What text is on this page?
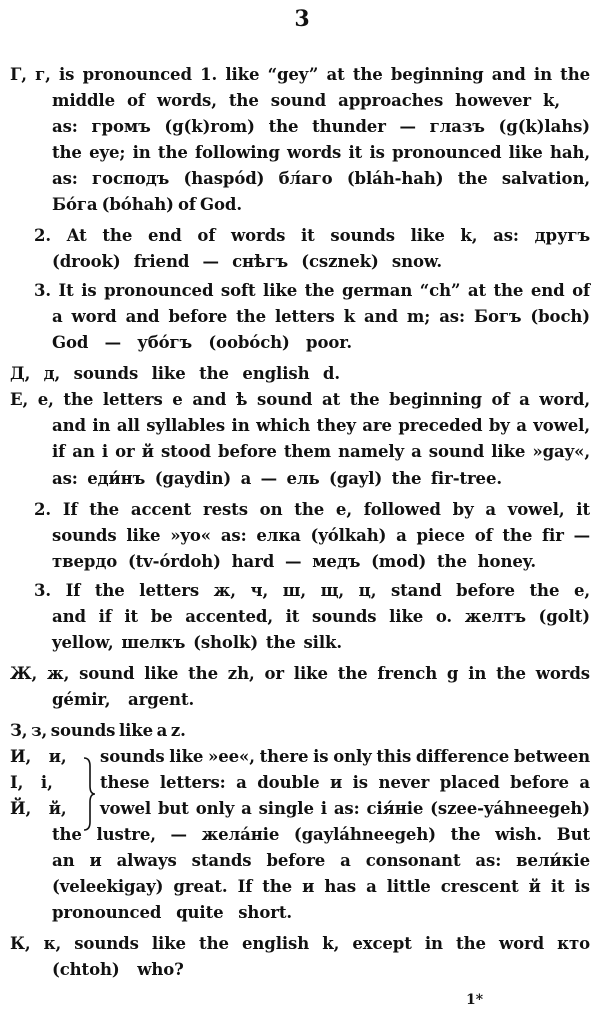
3
Г, г, is pronounced 1. like “gey” at the beginning and in the
middle of words, the sound approaches however k,
as: громъ (g(k)rom) the thunder — глазъ (g(k)lahs)
the eye; in the following words it is pronounced like hah,
as: господъ (haspód) бл́аго (bláh-hah) the salvation,
Бо́га (bóhah) of God.
2. At the end of words it sounds like k, as: другъ
(drook) friend — снѣгъ (csznek) snow.
3. It is pronounced soft like the german “ch” at the end of
a word and before the letters k and m; as: Богъ (boch)
God — убо́гъ (oobóch) poor.
Д, д, sounds like the english d.
Е, е, the letters e and ѣ sound at the beginning of a word,
and in all syllables in which they are preceded by a vowel,
if an i or й stood before them namely a sound like »gay«,
as: еди́нъ (gaydin) a — ель (gayl) the fir-tree.
2. If the accent rests on the e, followed by a vowel, it
sounds like »yo« as: елка (yólkah) a piece of the fir —
твердо (tv-órdoh) hard — медъ (mod) the honey.
3. If the letters ж, ч, ш, щ, ц, stand before the e,
and if it be accented, it sounds like o. желтъ (golt)
yellow, шелкъ (sholk) the silk.
Ж, ж, sound like the zh, or like the french g in the words
gémir, argent.
З, з, sounds like a z.
И, и, sounds like »ee«, there is only this difference between
І, і,	these letters: a double и is never placed before a
Й, й, vowel but only a single i as: сія́ніе (szee-yáhneegeh)
the lustre, — жела́ніе (gayláhneegeh) the wish. But
an и always stands before a consonant as: вели́кіе
(veleekigay) great. If the и has a little crescent й it is
pronounced quite short.
К, к, sounds like the english k, except in the word кто
(chtoh) who?
1*
